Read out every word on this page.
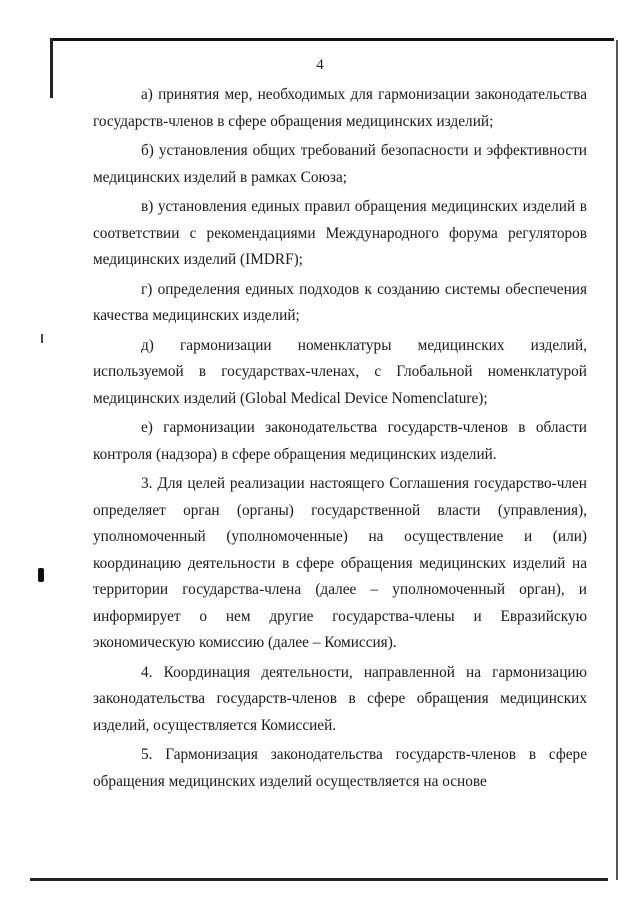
4

а) принятия мер, необходимых для гармонизации законодательства государств-членов в сфере обращения медицинских изделий;

б) установления общих требований безопасности и эффективности медицинских изделий в рамках Союза;

в) установления единых правил обращения медицинских изделий в соответствии с рекомендациями Международного форума регуляторов медицинских изделий (IMDRF);

г) определения единых подходов к созданию системы обеспечения качества медицинских изделий;

д) гармонизации номенклатуры медицинских изделий, используемой в государствах-членах, с Глобальной номенклатурой медицинских изделий (Global Medical Device Nomenclature);

е) гармонизации законодательства государств-членов в области контроля (надзора) в сфере обращения медицинских изделий.

3. Для целей реализации настоящего Соглашения государство-член определяет орган (органы) государственной власти (управления), уполномоченный (уполномоченные) на осуществление и (или) координацию деятельности в сфере обращения медицинских изделий на территории государства-члена (далее – уполномоченный орган), и информирует о нем другие государства-члены и Евразийскую экономическую комиссию (далее – Комиссия).

4. Координация деятельности, направленной на гармонизацию законодательства государств-членов в сфере обращения медицинских изделий, осуществляется Комиссией.

5. Гармонизация законодательства государств-членов в сфере обращения медицинских изделий осуществляется на основе
